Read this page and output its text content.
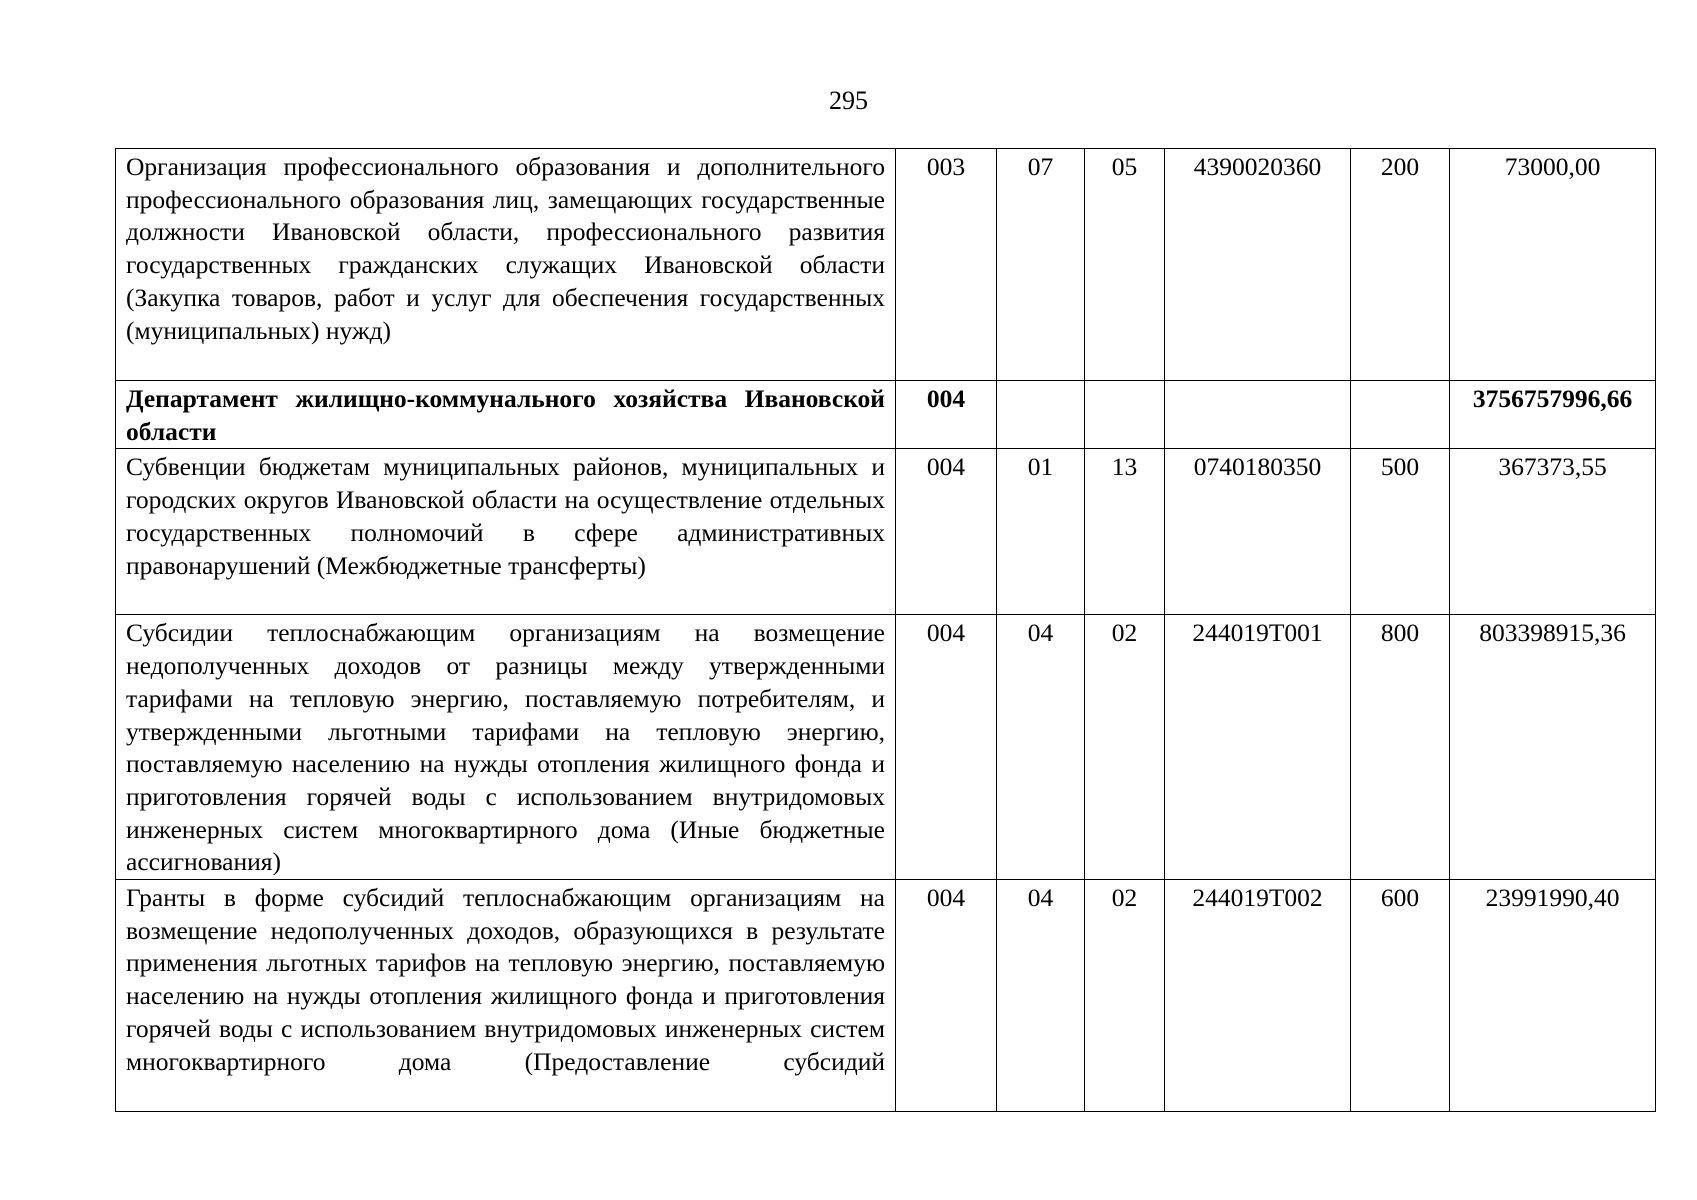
295
Организация профессионального образования и дополнительного профессионального образования лиц, замещающих государственные должности Ивановской области, профессионального развития государственных гражданских служащих Ивановской области (Закупка товаров, работ и услуг для обеспечения государственных (муниципальных) нужд)	003	07	05	4390020360	200	73000,00
Департамент жилищно-коммунального хозяйства Ивановской области	004					3756757996,66
Субвенции бюджетам муниципальных районов, муниципальных и городских округов Ивановской области на осуществление отдельных государственных полномочий в сфере административных правонарушений (Межбюджетные трансферты)	004	01	13	0740180350	500	367373,55
Субсидии теплоснабжающим организациям на возмещение недополученных доходов от разницы между утвержденными тарифами на тепловую энергию, поставляемую потребителям, и утвержденными льготными тарифами на тепловую энергию, поставляемую населению на нужды отопления жилищного фонда и приготовления горячей воды с использованием внутридомовых инженерных систем многоквартирного дома (Иные бюджетные ассигнования)	004	04	02	244019Т001	800	803398915,36
Гранты в форме субсидий теплоснабжающим организациям на возмещение недополученных доходов, образующихся в результате применения льготных тарифов на тепловую энергию, поставляемую населению на нужды отопления жилищного фонда и приготовления горячей воды с использованием внутридомовых инженерных систем многоквартирного дома (Предоставление субсидий	004	04	02	244019Т002	600	23991990,40
